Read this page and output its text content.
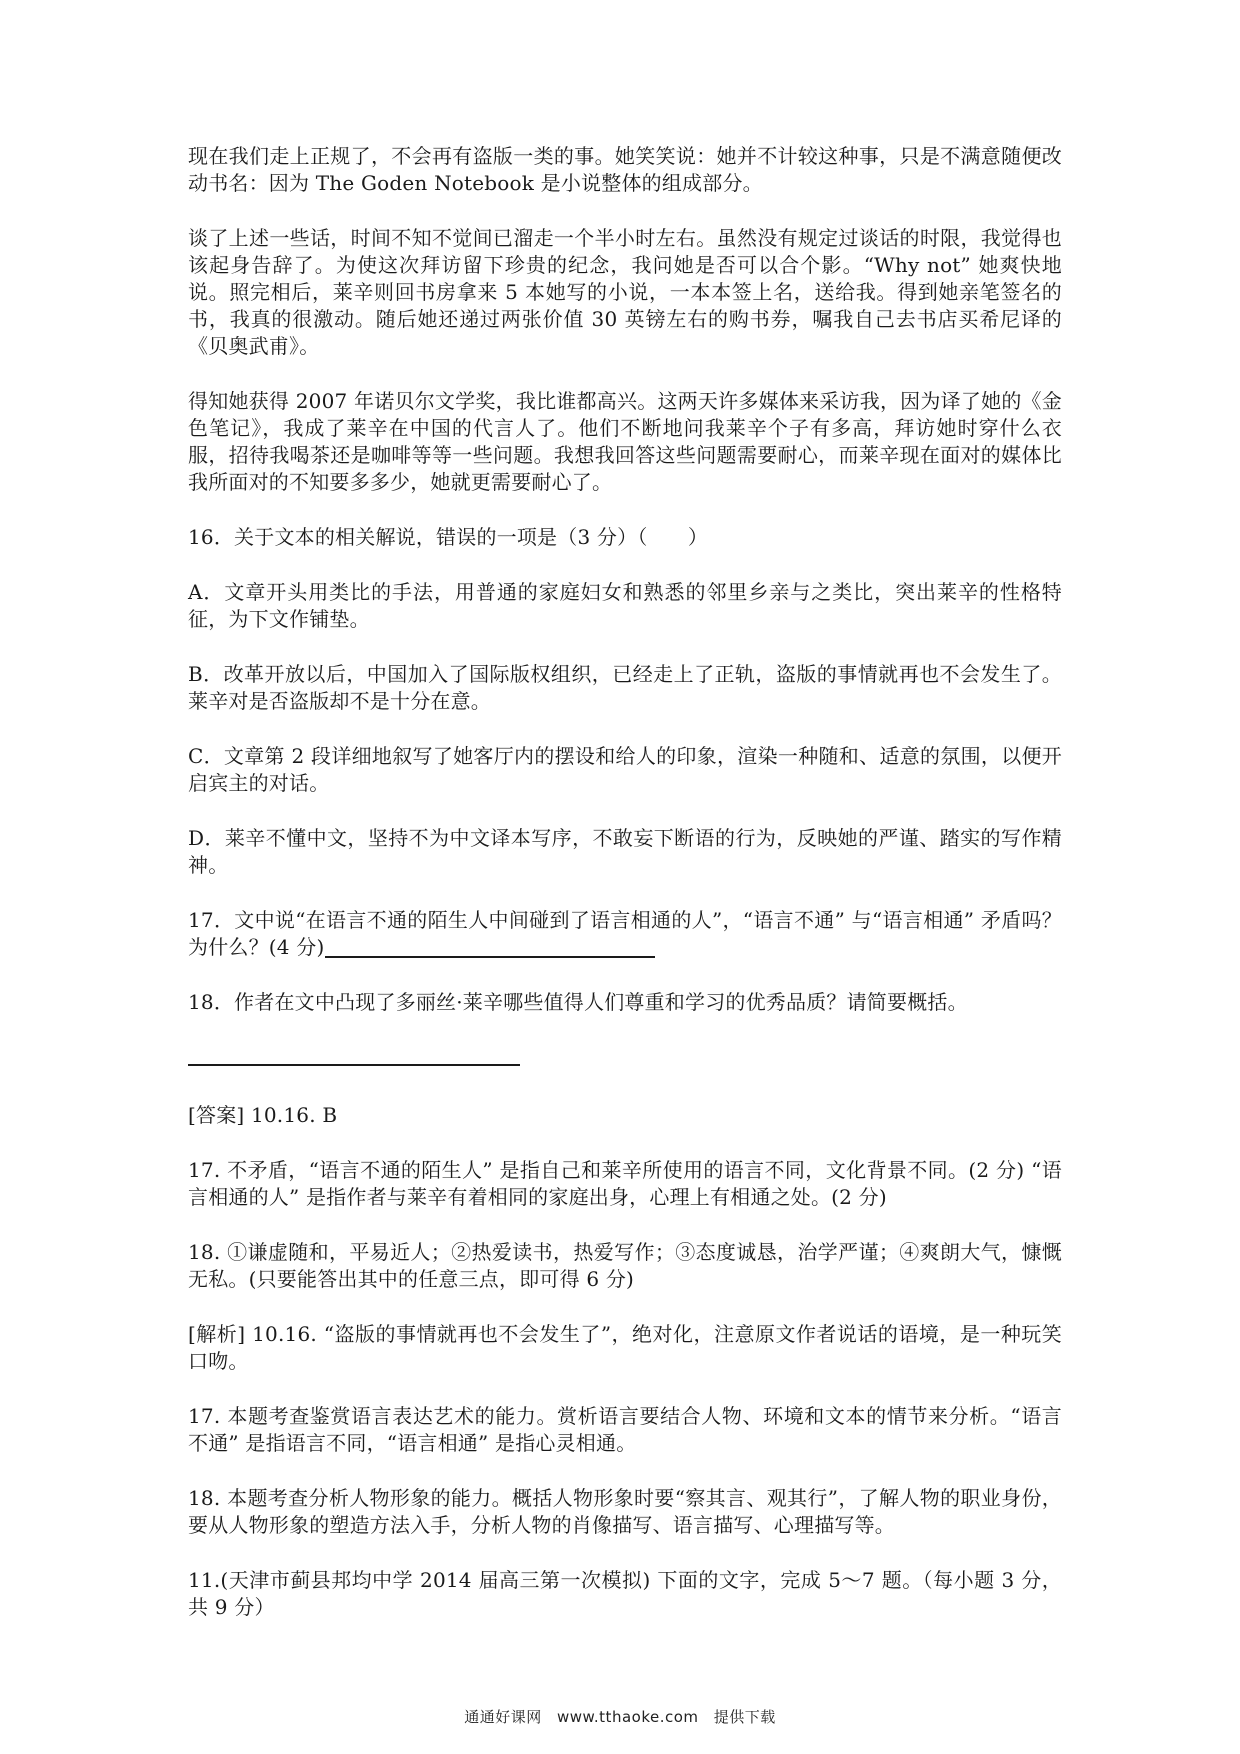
现在我们走上正规了，不会再有盗版一类的事。她笑笑说：她并不计较这种事，只是不满意随便改动书名：因为 The Goden Notebook 是小说整体的组成部分。

谈了上述一些话，时间不知不觉间已溜走一个半小时左右。虽然没有规定过谈话的时限，我觉得也该起身告辞了。为使这次拜访留下珍贵的纪念，我问她是否可以合个影。“Why not” 她爽快地说。照完相后，莱辛则回书房拿来 5 本她写的小说，一本本签上名，送给我。得到她亲笔签名的书，我真的很激动。随后她还递过两张价值 30 英镑左右的购书券，嘱我自己去书店买希尼译的《贝奥武甫》。

得知她获得 2007 年诺贝尔文学奖，我比谁都高兴。这两天许多媒体来采访我，因为译了她的《金色笔记》，我成了莱辛在中国的代言人了。他们不断地问我莱辛个子有多高，拜访她时穿什么衣服，招待我喝茶还是咖啡等等一些问题。我想我回答这些问题需要耐心，而莱辛现在面对的媒体比我所面对的不知要多多少，她就更需要耐心了。

16．关于文本的相关解说，错误的一项是（3 分）（　　）

A．文章开头用类比的手法，用普通的家庭妇女和熟悉的邻里乡亲与之类比，突出莱辛的性格特征，为下文作铺垫。

B．改革开放以后，中国加入了国际版权组织，已经走上了正轨，盗版的事情就再也不会发生了。莱辛对是否盗版却不是十分在意。

C．文章第 2 段详细地叙写了她客厅内的摆设和给人的印象，渲染一种随和、适意的氛围，以便开启宾主的对话。

D．莱辛不懂中文，坚持不为中文译本写序，不敢妄下断语的行为，反映她的严谨、踏实的写作精神。

17．文中说“在语言不通的陌生人中间碰到了语言相通的人”，“语言不通” 与“语言相通” 矛盾吗？为什么？(4 分)

18．作者在文中凸现了多丽丝·莱辛哪些值得人们尊重和学习的优秀品质？请简要概括。

[答案] 10.16. B

17. 不矛盾，“语言不通的陌生人” 是指自己和莱辛所使用的语言不同，文化背景不同。(2 分) “语言相通的人” 是指作者与莱辛有着相同的家庭出身，心理上有相通之处。(2 分)

18. ①谦虚随和，平易近人；②热爱读书，热爱写作；③态度诚恳，治学严谨；④爽朗大气，慷慨无私。(只要能答出其中的任意三点，即可得 6 分)

[解析] 10.16. “盗版的事情就再也不会发生了”，绝对化，注意原文作者说话的语境，是一种玩笑口吻。

17. 本题考查鉴赏语言表达艺术的能力。赏析语言要结合人物、环境和文本的情节来分析。“语言不通” 是指语言不同，“语言相通” 是指心灵相通。

18. 本题考查分析人物形象的能力。概括人物形象时要“察其言、观其行”，了解人物的职业身份，要从人物形象的塑造方法入手，分析人物的肖像描写、语言描写、心理描写等。

11.(天津市蓟县邦均中学 2014 届高三第一次模拟) 下面的文字，完成 5～7 题。（每小题 3 分，共 9 分）

通通好课网 www.tthaoke.com 提供下载
